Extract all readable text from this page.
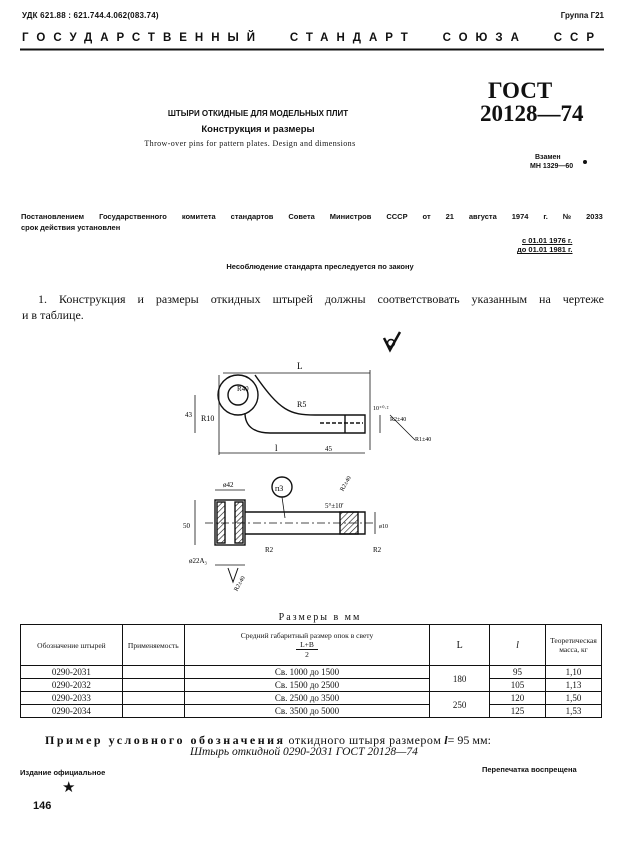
УДК 621.88 : 621.744.4.062(083.74)	Группа Г21
ГОСУДАРСТВЕННЫЙ СТАНДАРТ СОЮЗА ССР
ГОСТ
20128—74
ШТЫРИ ОТКИДНЫЕ ДЛЯ МОДЕЛЬНЫХ ПЛИТ
Конструкция и размеры
Throw-over pins for pattern plates. Design and dimensions
Взамен
МН 1329—60
Постановлением Государственного комитета стандартов Совета Министров СССР от 21 августа 1974 г. № 2033
срок действия установлен
с 01.01 1976 г.
до 01.01 1981 г.
Несоблюдение стандарта преследуется по закону
1. Конструкция и размеры откидных штырей должны соответствовать указанным на чертеже
и в таблице.
L
R40
R5
R10
43
l	45
10⁺⁰·²
R2±40
R1±40
ø42	п3
5°±10′
ø10
50
R2	R2
ø22A₃
R2±40
R2±40
Размеры в мм
Обозначение штырей	Применяемость	Средний габаритный размер опок в свету
L+B
2	L	l	Теоретическая масса, кг
0290-2031		Св. 1000 до 1500	180	95	1,10
0290-2032		Св. 1500 до 2500		105	1,13
0290-2033		Св. 2500 до 3500	250	120	1,50
0290-2034		Св. 3500 до 5000		125	1,53
Пример условного обозначения откидного штыря размером l= 95 мм:
Штырь откидной 0290-2031 ГОСТ 20128—74
Издание официальное	Перепечатка воспрещена
★
146
